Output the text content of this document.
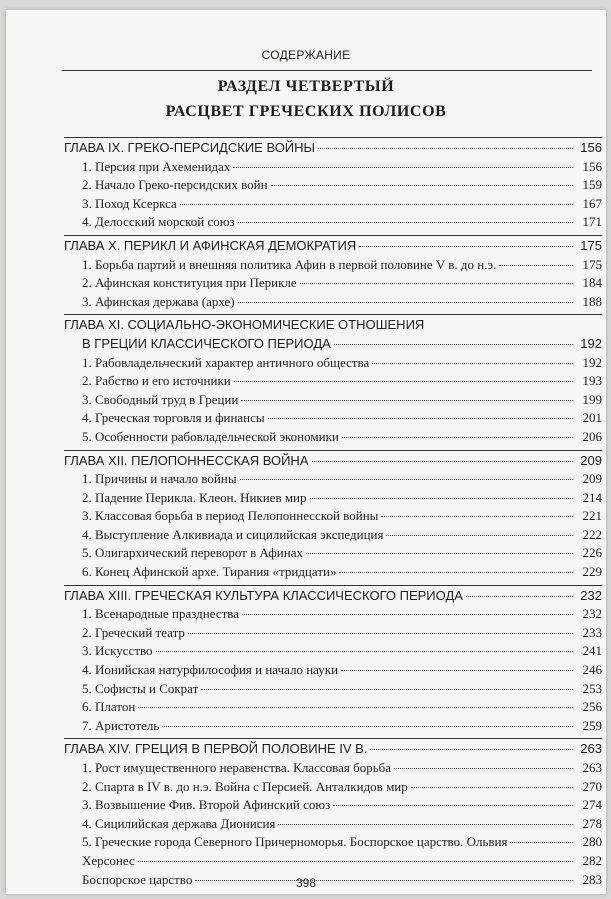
СОДЕРЖАНИЕ
РАЗДЕЛ ЧЕТВЕРТЫЙ
РАСЦВЕТ ГРЕЧЕСКИХ ПОЛИСОВ
ГЛАВА IX. ГРЕКО-ПЕРСИДСКИЕ ВОЙНЫ	156
1. Персия при Ахеменидах	156
2. Начало Греко-персидских войн	159
3. Поход Ксеркса	167
4. Делосский морской союз	171
ГЛАВА X. ПЕРИКЛ И АФИНСКАЯ ДЕМОКРАТИЯ	175
1. Борьба партий и внешняя политика Афин в первой половине V в. до н.э.	175
2. Афинская конституция при Перикле	184
3. Афинская держава (архе)	188
ГЛАВА XI. СОЦИАЛЬНО-ЭКОНОМИЧЕСКИЕ ОТНОШЕНИЯ
В ГРЕЦИИ КЛАССИЧЕСКОГО ПЕРИОДА	192
1. Рабовладельческий характер античного общества	192
2. Рабство и его источники	193
3. Свободный труд в Греции	199
4. Греческая торговля и финансы	201
5. Особенности рабовладельческой экономики	206
ГЛАВА XII. ПЕЛОПОННЕССКАЯ ВОЙНА	209
1. Причины и начало войны	209
2. Падение Перикла. Клеон. Никиев мир	214
3. Классовая борьба в период Пелопоннесской войны	221
4. Выступление Алкивиада и сицилийская экспедиция	222
5. Олигархический переворот в Афинах	226
6. Конец Афинской архе. Тирания «тридцати»	229
ГЛАВА XIII. ГРЕЧЕСКАЯ КУЛЬТУРА КЛАССИЧЕСКОГО ПЕРИОДА	232
1. Всенародные празднества	232
2. Греческий театр	233
3. Искусство	241
4. Ионийская натурфилософия и начало науки	246
5. Софисты и Сократ	253
6. Платон	256
7. Аристотель	259
ГЛАВА XIV. ГРЕЦИЯ В ПЕРВОЙ ПОЛОВИНЕ IV В.	263
1. Рост имущественного неравенства. Классовая борьба	263
2. Спарта в IV в. до н.э. Война с Персией. Анталкидов мир	270
3. Возвышение Фив. Второй Афинский союз	274
4. Сицилийская держава Дионисия	278
5. Греческие города Северного Причерноморья. Боспорское царство. Ольвия	280
Херсонес	282
Боспорское царство	283
398
